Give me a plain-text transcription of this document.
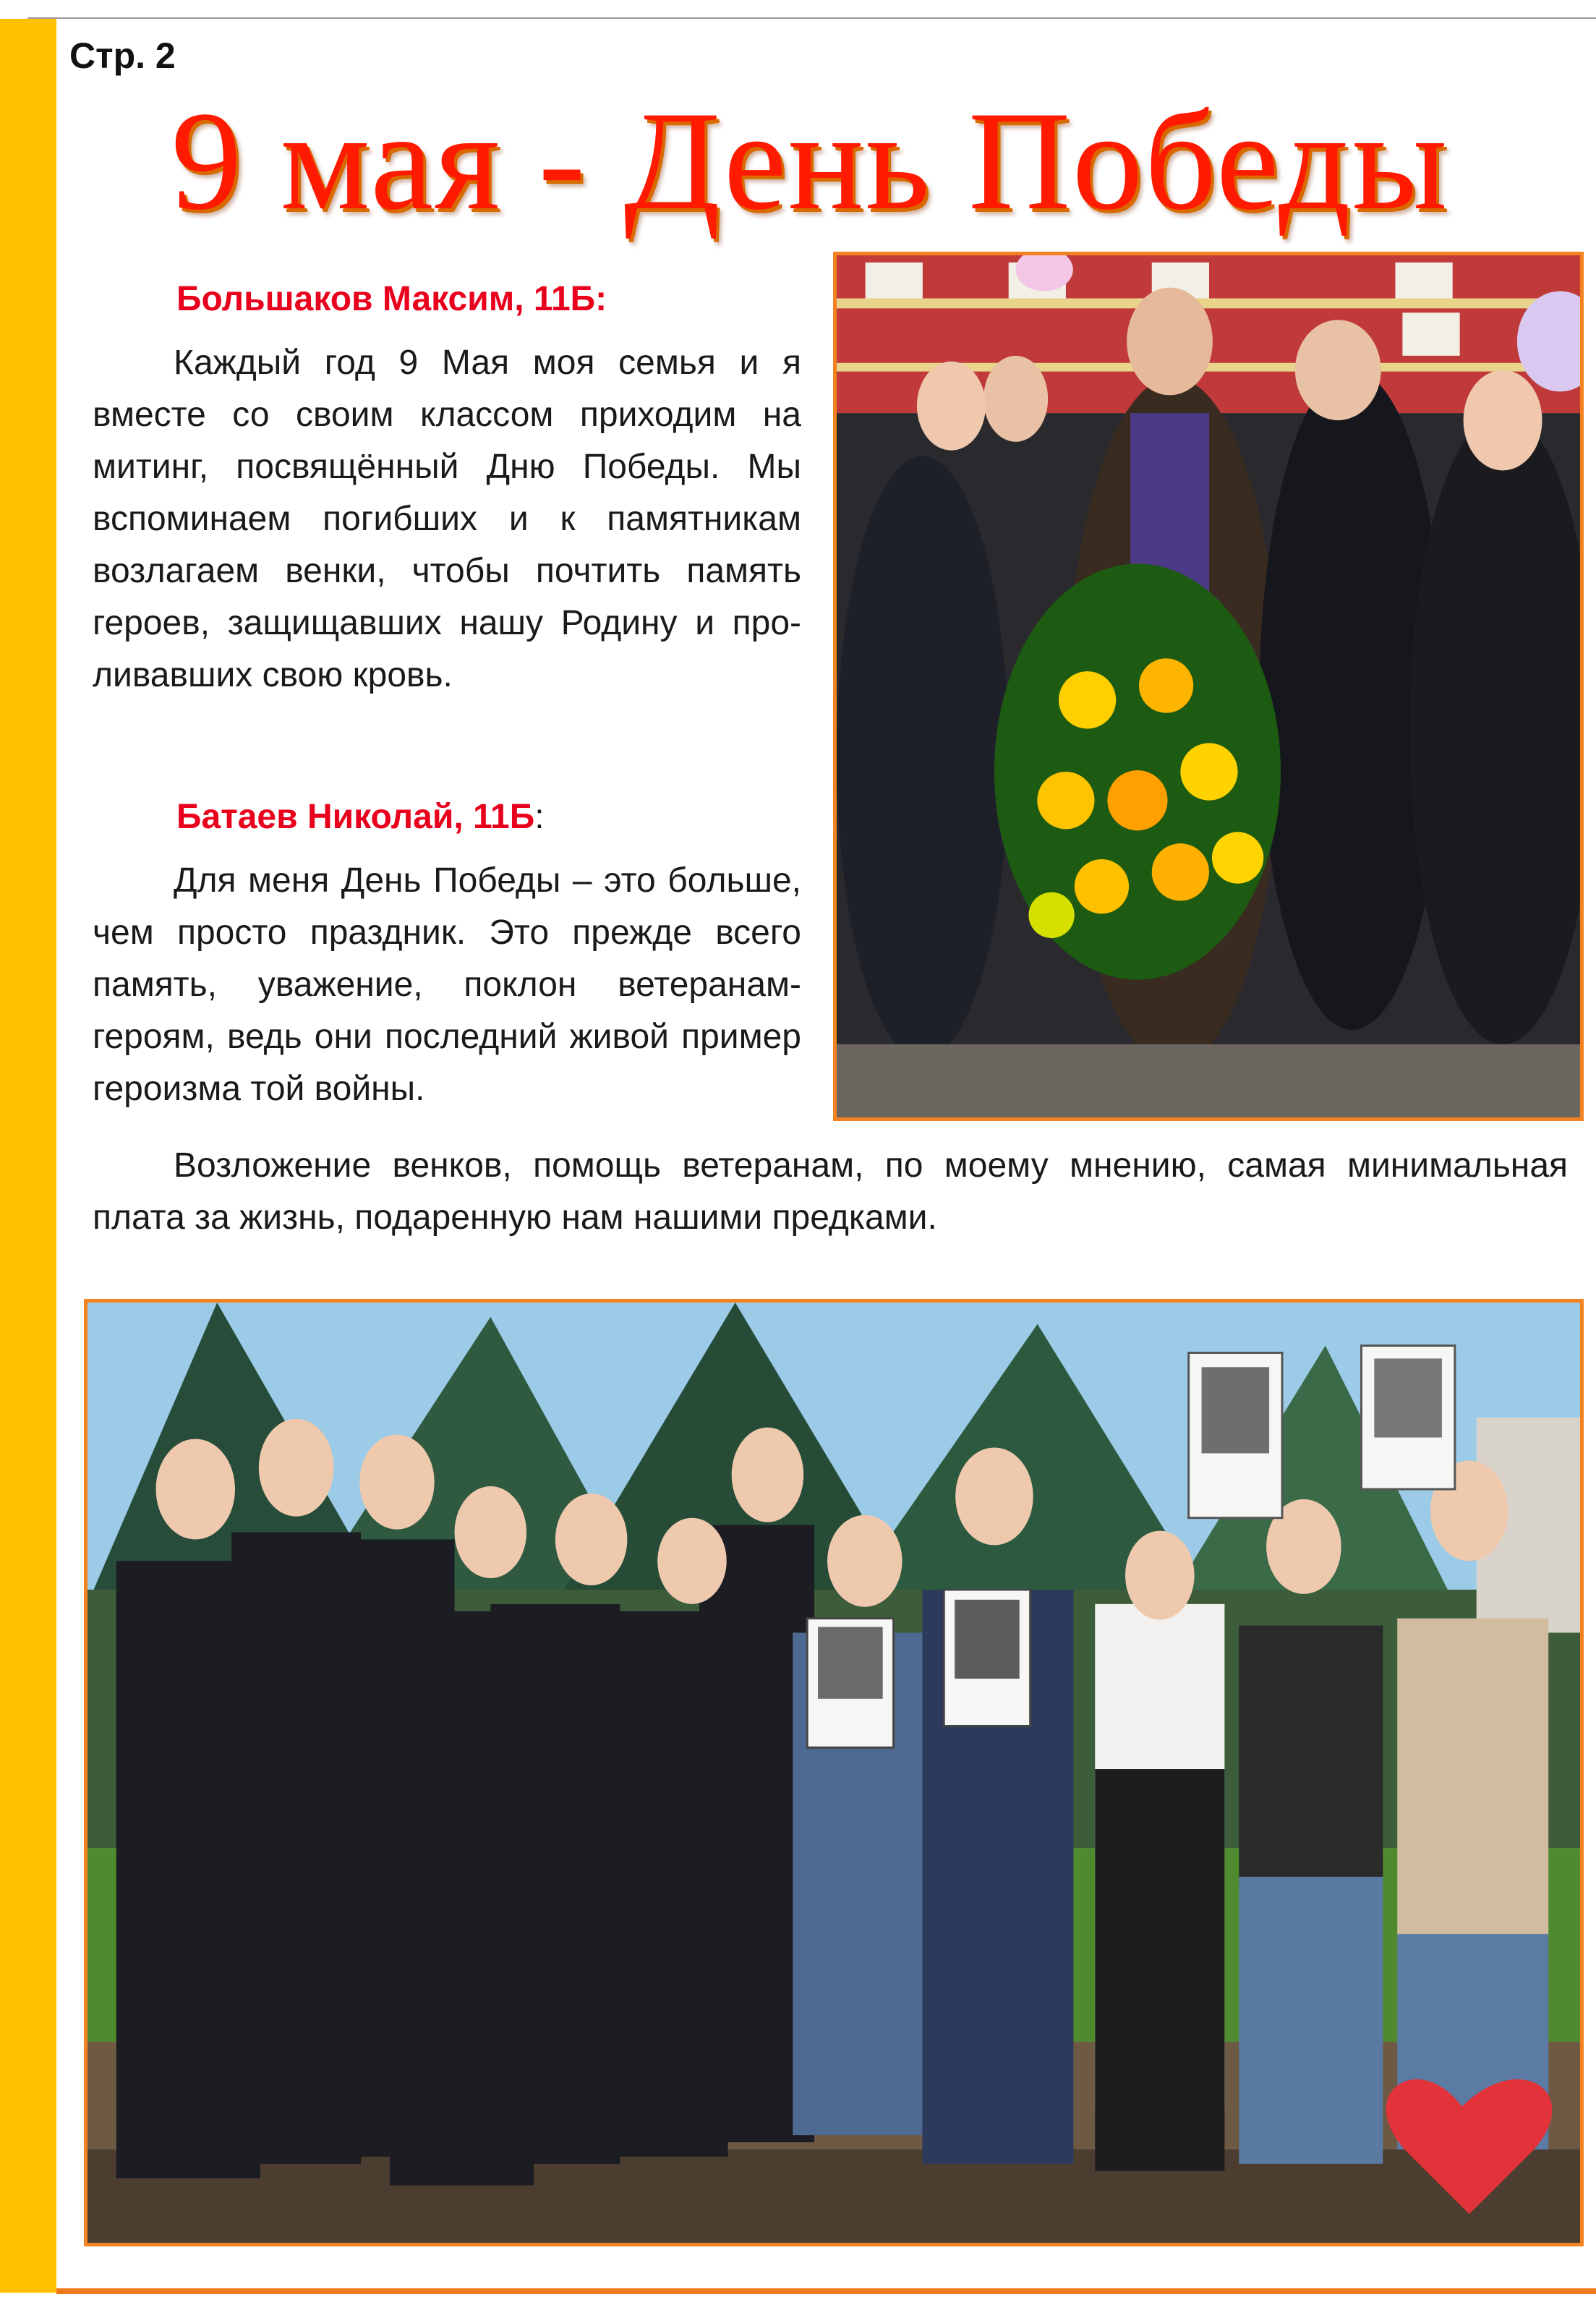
Стр. 2
9 мая - День Победы
Большаков Максим, 11Б:

Каждый год 9 Мая моя семья и я вместе со своим классом приходим на митинг, посвящённый Дню Победы. Мы вспоминаем погибших и к памятникам возлагаем венки, чтобы почтить память героев, защищавших нашу Родину и проливавших свою кровь.

Батаев Николай, 11Б:

Для меня День Победы – это больше, чем просто праздник. Это прежде всего память, уважение, поклон ветеранам-героям, ведь они последний живой пример героизма той войны.

Возложение венков, помощь ветеранам, по моему мнению, самая минимальная плата за жизнь, подаренную нам нашими предками.
